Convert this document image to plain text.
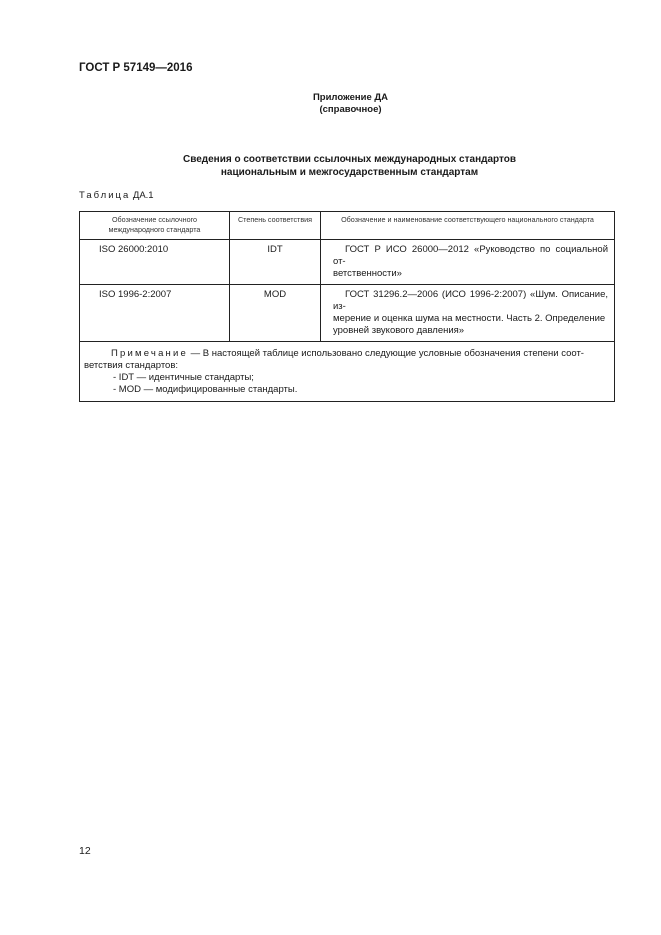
ГОСТ Р 57149—2016
Приложение ДА
(справочное)
Сведения о соответствии ссылочных международных стандартов
национальным и межгосударственным стандартам
Таблица ДА.1
Обозначение ссылочного международного стандарта	Степень соответствия	Обозначение и наименование соответствующего национального стандарта
ISO 26000:2010	IDT	ГОСТ Р ИСО 26000—2012 «Руководство по социальной от-
ветственности»

ISO 1996-2:2007	MOD	ГОСТ 31296.2—2006 (ИСО 1996-2:2007) «Шум. Описание, из-
мерение и оценка шума на местности. Часть 2. Определение
уровней звукового давления»

Примечание — В настоящей таблице использовано следующие условные обозначения степени соот-
ветствия стандартов:
- IDT — идентичные стандарты;
- MOD — модифицированные стандарты.		
12
